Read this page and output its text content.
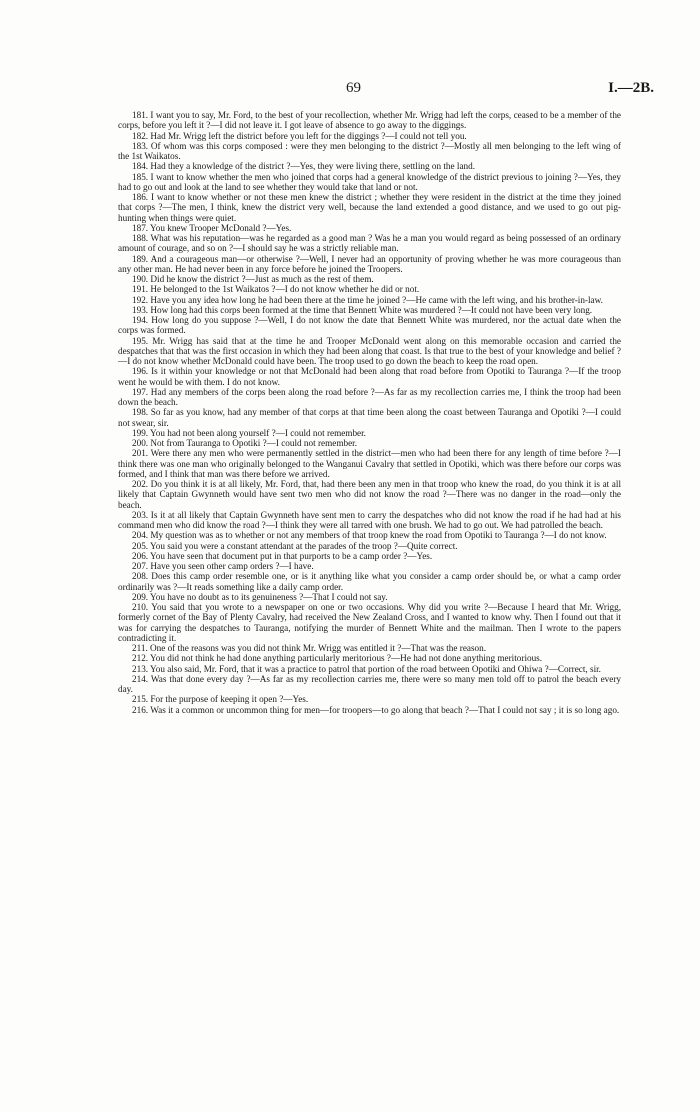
69	I.—2B.

181. I want you to say, Mr. Ford, to the best of your recollection, whether Mr. Wrigg had left the corps, ceased to be a member of the corps, before you left it ?—I did not leave it. I got leave of absence to go away to the diggings.

182. Had Mr. Wrigg left the district before you left for the diggings ?—I could not tell you.

183. Of whom was this corps composed : were they men belonging to the district ?—Mostly all men belonging to the left wing of the 1st Waikatos.

184. Had they a knowledge of the district ?—Yes, they were living there, settling on the land.

185. I want to know whether the men who joined that corps had a general knowledge of the district previous to joining ?—Yes, they had to go out and look at the land to see whether they would take that land or not.

186. I want to know whether or not these men knew the district ; whether they were resident in the district at the time they joined that corps ?—The men, I think, knew the district very well, because the land extended a good distance, and we used to go out pig-hunting when things were quiet.

187. You knew Trooper McDonald ?—Yes.

188. What was his reputation—was he regarded as a good man ? Was he a man you would regard as being possessed of an ordinary amount of courage, and so on ?—I should say he was a strictly reliable man.

189. And a courageous man—or otherwise ?—Well, I never had an opportunity of proving whether he was more courageous than any other man. He had never been in any force before he joined the Troopers.

190. Did he know the district ?—Just as much as the rest of them.

191. He belonged to the 1st Waikatos ?—I do not know whether he did or not.

192. Have you any idea how long he had been there at the time he joined ?—He came with the left wing, and his brother-in-law.

193. How long had this corps been formed at the time that Bennett White was murdered ?—It could not have been very long.

194. How long do you suppose ?—Well, I do not know the date that Bennett White was murdered, nor the actual date when the corps was formed.

195. Mr. Wrigg has said that at the time he and Trooper McDonald went along on this memorable occasion and carried the despatches that that was the first occasion in which they had been along that coast. Is that true to the best of your knowledge and belief ?—I do not know whether McDonald could have been. The troop used to go down the beach to keep the road open.

196. Is it within your knowledge or not that McDonald had been along that road before from Opotiki to Tauranga ?—If the troop went he would be with them. I do not know.

197. Had any members of the corps been along the road before ?—As far as my recollection carries me, I think the troop had been down the beach.

198. So far as you know, had any member of that corps at that time been along the coast between Tauranga and Opotiki ?—I could not swear, sir.

199. You had not been along yourself ?—I could not remember.

200. Not from Tauranga to Opotiki ?—I could not remember.

201. Were there any men who were permanently settled in the district—men who had been there for any length of time before ?—I think there was one man who originally belonged to the Wanganui Cavalry that settled in Opotiki, which was there before our corps was formed, and I think that man was there before we arrived.

202. Do you think it is at all likely, Mr. Ford, that, had there been any men in that troop who knew the road, do you think it is at all likely that Captain Gwynneth would have sent two men who did not know the road ?—There was no danger in the road—only the beach.

203. Is it at all likely that Captain Gwynneth have sent men to carry the despatches who did not know the road if he had had at his command men who did know the road ?—I think they were all tarred with one brush. We had to go out. We had patrolled the beach.

204. My question was as to whether or not any members of that troop knew the road from Opotiki to Tauranga ?—I do not know.

205. You said you were a constant attendant at the parades of the troop ?—Quite correct.

206. You have seen that document put in that purports to be a camp order ?—Yes.

207. Have you seen other camp orders ?—I have.

208. Does this camp order resemble one, or is it anything like what you consider a camp order should be, or what a camp order ordinarily was ?—It reads something like a daily camp order.

209. You have no doubt as to its genuineness ?—That I could not say.

210. You said that you wrote to a newspaper on one or two occasions. Why did you write ?—Because I heard that Mr. Wrigg, formerly cornet of the Bay of Plenty Cavalry, had received the New Zealand Cross, and I wanted to know why. Then I found out that it was for carrying the despatches to Tauranga, notifying the murder of Bennett White and the mailman. Then I wrote to the papers contradicting it.

211. One of the reasons was you did not think Mr. Wrigg was entitled it ?—That was the reason.

212. You did not think he had done anything particularly meritorious ?—He had not done anything meritorious.

213. You also said, Mr. Ford, that it was a practice to patrol that portion of the road between Opotiki and Ohiwa ?—Correct, sir.

214. Was that done every day ?—As far as my recollection carries me, there were so many men told off to patrol the beach every day.

215. For the purpose of keeping it open ?—Yes.

216. Was it a common or uncommon thing for men—for troopers—to go along that beach ?—That I could not say ; it is so long ago.
